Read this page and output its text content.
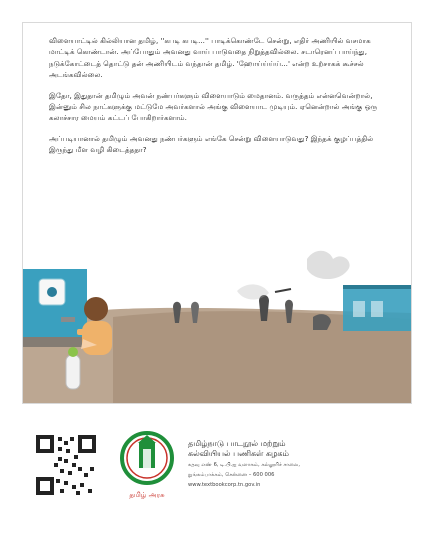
விளையாட்டில் கில்லியான தமிழ், ''கபடி கபடி...'' பாடிக்கொண்டே சென்று, எதிர் அணியில் வசமாக மாட்டிக் கொண்டான். அப்போதும் அவனது வாய் பாடுவதை நிறுத்தவில்லை. சடாரெனப் பாய்ந்து, நடுக்கோட்டைத் தொட்டு தன் அணியிடம் வந்தான் தமிழ். 'ஹோய்ய்ய்ய்...' என்ற உற்சாகக் கூச்சல் அடங்கவில்லை.

இதோ, இதுதான் தமிழும் அவன் நண்பர்களும் விளையாடும் மைதானம். வருத்தம் என்னவென்றால், இன்னும் சில நாட்களுக்கு மட்டுமே அவர்களால் அங்கு விளையாட முடியும். ஏனென்றால் அங்கு ஒரு கலாச்சார மையம் கட்டப் போகிறார்களாம்.

அப்படியானால் தமிழும் அவனது நண்பர்களும் எங்கே சென்று விளையாடுவது? இந்தக் குழப்பத்தில் இருந்து மீள வழி கிடைத்ததா?

தமிழ் அரசு
தமிழ்நாடு பாடநூல் மற்றும்
கல்வியியல் பணிகள் கழகம்
கதவு எண் 6, டி.பி.ஐ வளாகம், கல்லூரிச் சாலை,
நுங்கம்பாக்கம், சென்னை – 600 006
www.textbookcorp.tn.gov.in
